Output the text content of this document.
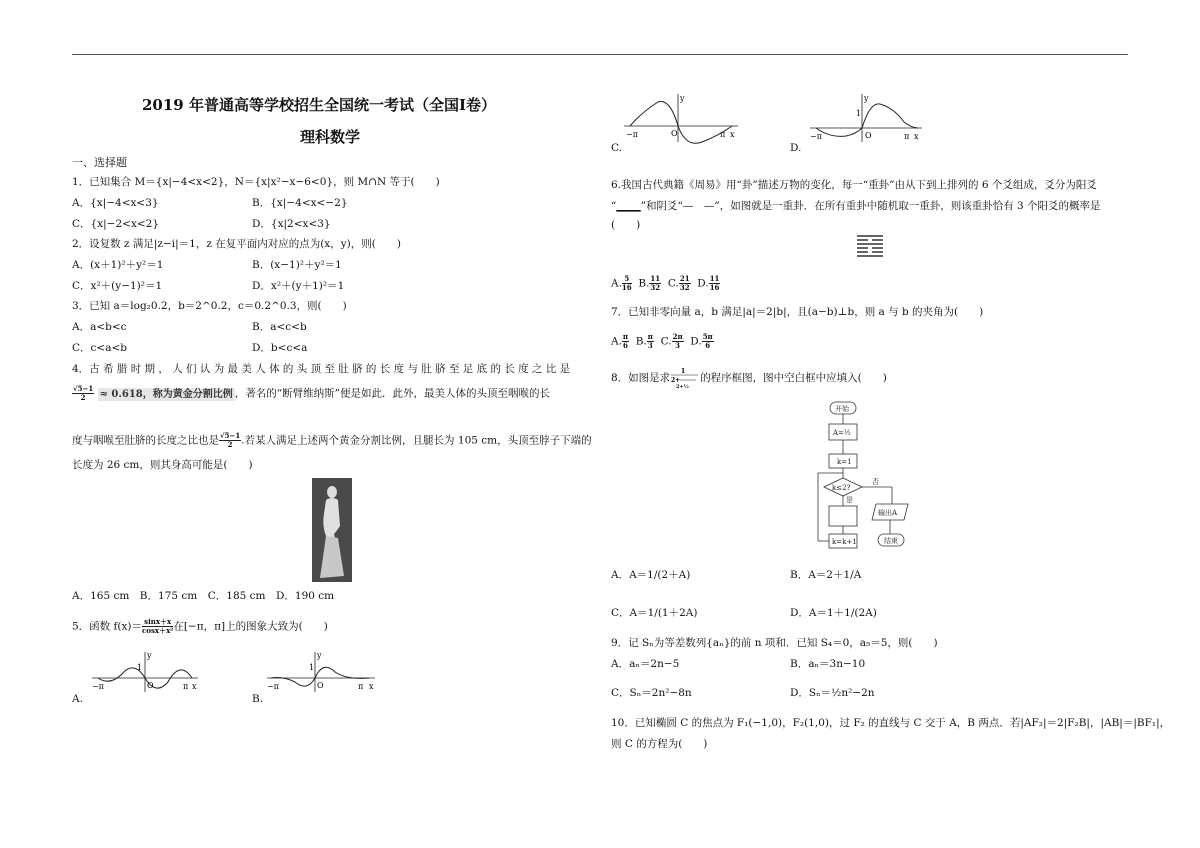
2019 年普通高等学校招生全国统一考试（全国Ⅰ卷）
理科数学
一、选择题
1．已知集合 M＝{x|−4<x<2}，N＝{x|x²−x−6<0}，则 M∩N 等于(　　)
A．{x|−4<x<3}	B．{x|−4<x<−2}
C．{x|−2<x<2}	D．{x|2<x<3}
2．设复数 z 满足|z−i|＝1，z 在复平面内对应的点为(x，y)，则(　　)
A．(x＋1)²＋y²＝1	B．(x−1)²＋y²＝1
C．x²＋(y−1)²＝1	D．x²＋(y＋1)²＝1
3．已知 a＝log₂0.2，b＝2^0.2，c＝0.2^0.3，则(　　)
A．a<b<c	B．a<c<b
C．c<a<b	D．b<c<a
4．古 希 腊 时 期 ， 人 们 认 为 最 美 人 体 的 头 顶 至 肚 脐 的 长 度 与 肚 脐 至 足 底 的 长 度 之 比 是
$\frac{√5-1}{2} \approx 0.618$，称为黄金分割比例 ，著名的“断臂维纳斯”便是如此．此外，最美人体的头顶至咽喉的长
度与咽喉至肚脐的长度之比也是 $\frac{√5-1}{2}$ .若某人满足上述两个黄金分割比例，且腿长为 105 cm，头顶至脖子下端的
长度为 26 cm，则其身高可能是(　　)
A．165 cm　B．175 cm　C．185 cm　D．190 cm
5．函数 $f(x)= \frac{\sin x+x}{\text{cosx＋x²}}$ 在[−π，π]上的图象大致为(　　)
−π	π x
y
1
O
A.
−π	π x
y
1
O
B.
−π	π x
y
O
C.
−π	π x
y
1
O
D.
6.我国古代典籍《周易》用“卦”描述万物的变化，每一“重卦”由从下到上排列的 6 个爻组成，爻分为阳爻
“▁▁▁”和阴爻“—　—”，如图就是一重卦．在所有重卦中随机取一重卦，则该重卦恰有 3 个阳爻的概率是
(　　)
A. $\frac{5}{16} B$. $\frac{11}{32} C$. $\frac{21}{32} D$. $\frac{11}{16}$
7．已知非零向量 a，b 满足|a|＝2|b|，且(a−b)⊥b，则 a 与 b 的夹角为(　　)
A. $\frac{\pi}{6} B$. $\frac{\pi}{3} C$. $\frac{2\pi}{3} D$. $\frac{5\pi}{6}$
8．如图是求
1
2+
2+½
的程序框图，图中空白框中应填入(　　)
开始
A=½
k=1
k≤2?
否
是
输出A
结束
k=k+1
A．A＝1/(2＋A)	B．A＝2＋1/A
C．A＝1/(1＋2A)	D．A＝1＋1/(2A)
9．记 Sₙ为等差数列{aₙ}的前 n 项和．已知 S₄＝0，a₅＝5，则(　　)
A．aₙ＝2n−5	B．aₙ＝3n−10
C．Sₙ＝2n²−8n	D．Sₙ＝½n²−2n
10．已知椭圆 C 的焦点为 F₁(−1,0)，F₂(1,0)，过 F₂ 的直线与 C 交于 A，B 两点．若|AF₂|＝2|F₂B|，|AB|＝|BF₁|，
则 C 的方程为(　　)
